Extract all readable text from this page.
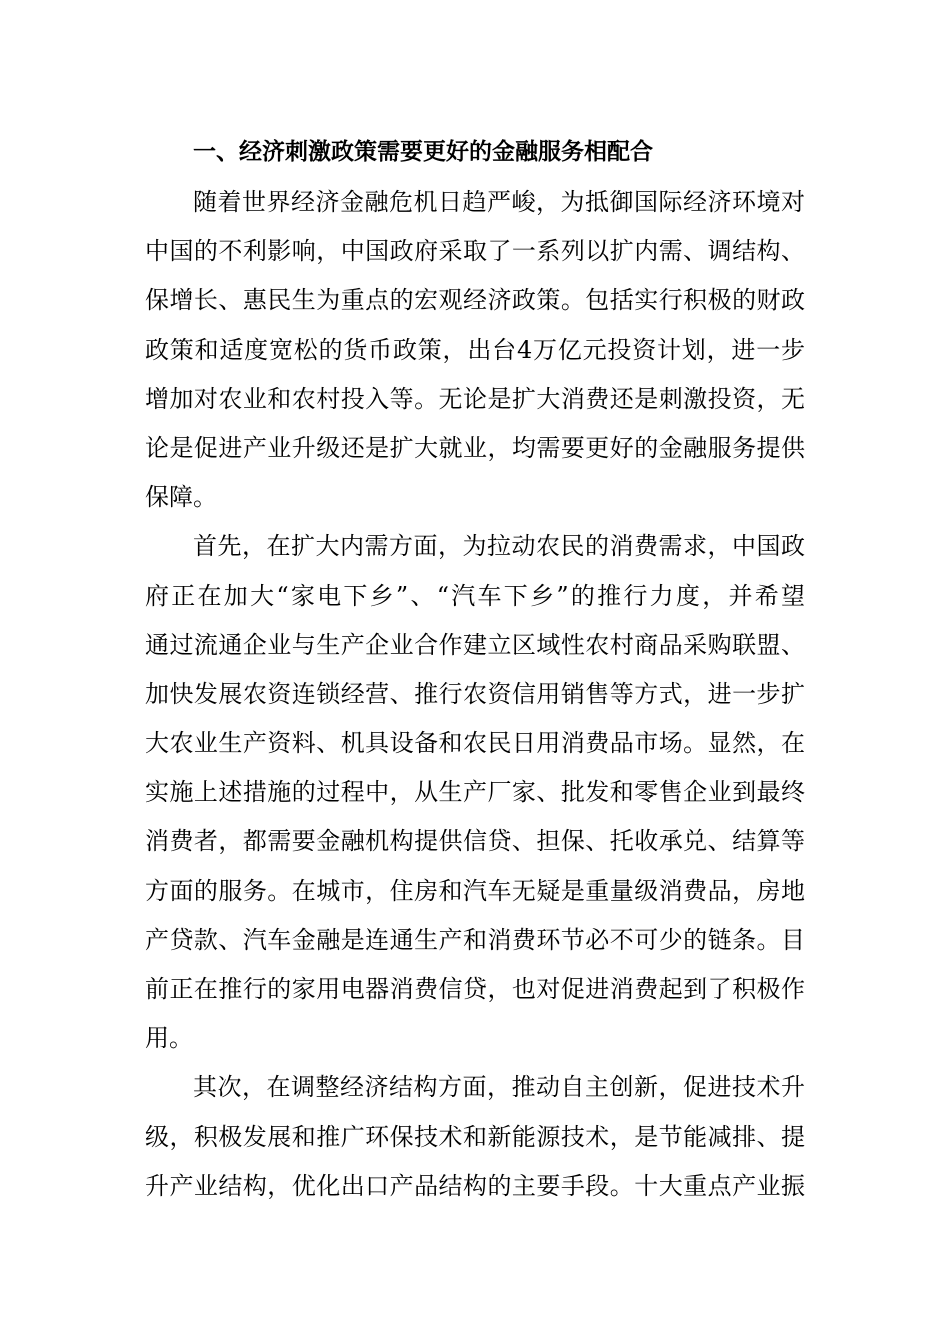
一、经济刺激政策需要更好的金融服务相配合

随着世界经济金融危机日趋严峻，为抵御国际经济环境对
中国的不利影响，中国政府采取了一系列以扩内需、调结构、
保增长、惠民生为重点的宏观经济政策。包括实行积极的财政
政策和适度宽松的货币政策，出台4万亿元投资计划，进一步
增加对农业和农村投入等。无论是扩大消费还是刺激投资，无
论是促进产业升级还是扩大就业，均需要更好的金融服务提供
保障。

首先，在扩大内需方面，为拉动农民的消费需求，中国政
府正在加大“家电下乡”、“汽车下乡”的推行力度，并希望
通过流通企业与生产企业合作建立区域性农村商品采购联盟、
加快发展农资连锁经营、推行农资信用销售等方式，进一步扩
大农业生产资料、机具设备和农民日用消费品市场。显然，在
实施上述措施的过程中，从生产厂家、批发和零售企业到最终
消费者，都需要金融机构提供信贷、担保、托收承兑、结算等
方面的服务。在城市，住房和汽车无疑是重量级消费品，房地
产贷款、汽车金融是连通生产和消费环节必不可少的链条。目
前正在推行的家用电器消费信贷，也对促进消费起到了积极作
用。

其次，在调整经济结构方面，推动自主创新，促进技术升
级，积极发展和推广环保技术和新能源技术，是节能减排、提
升产业结构，优化出口产品结构的主要手段。十大重点产业振
